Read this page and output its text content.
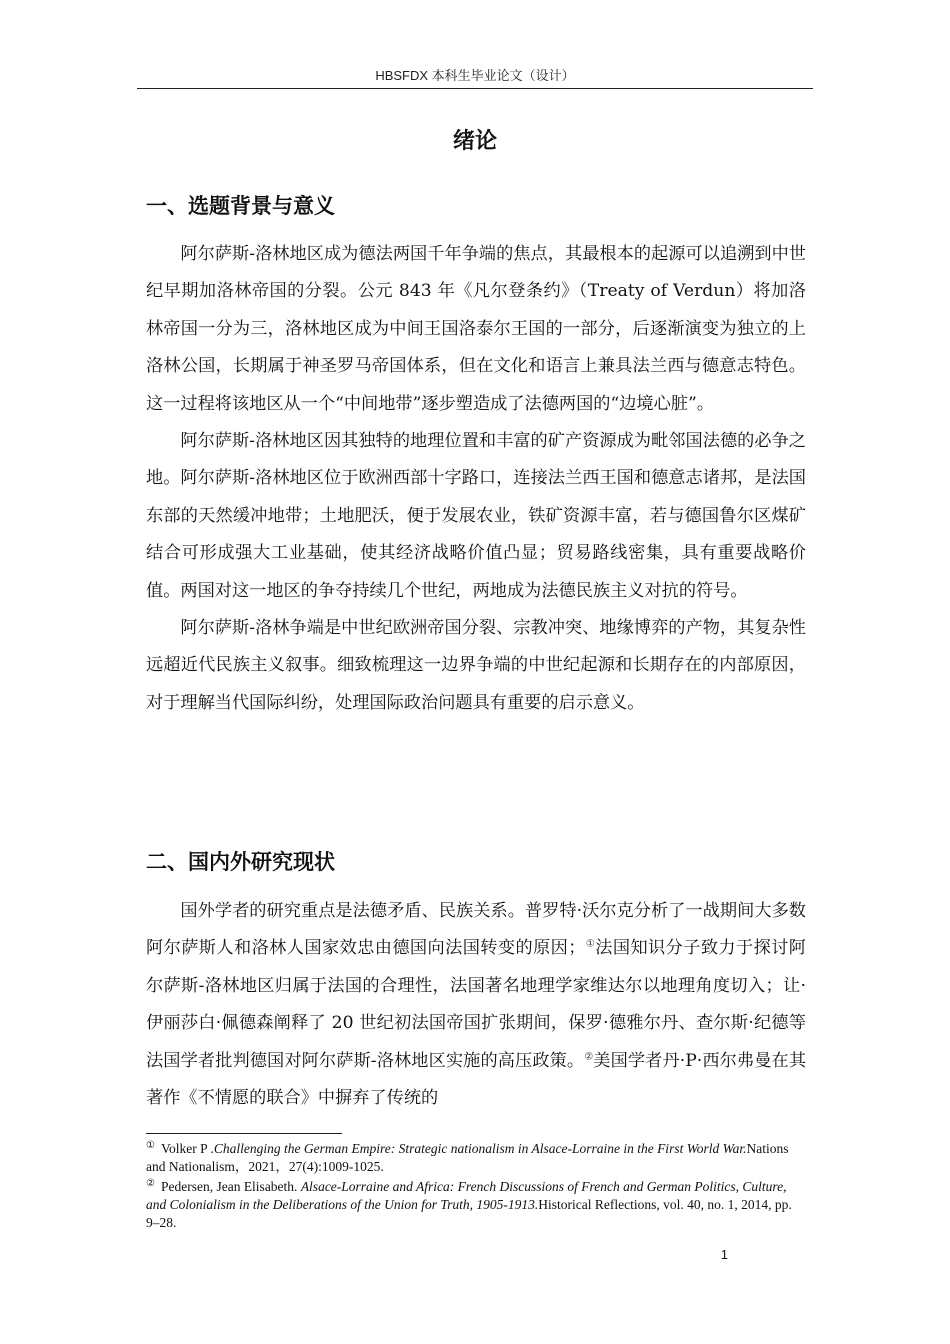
HBSFDX 本科生毕业论文（设计）
绪论
一、选题背景与意义

阿尔萨斯-洛林地区成为德法两国千年争端的焦点，其最根本的起源可以追溯到中世纪早期加洛林帝国的分裂。公元 843 年《凡尔登条约》（Treaty of Verdun）将加洛林帝国一分为三，洛林地区成为中间王国洛泰尔王国的一部分，后逐渐演变为独立的上洛林公国，长期属于神圣罗马帝国体系，但在文化和语言上兼具法兰西与德意志特色。这一过程将该地区从一个“中间地带”逐步塑造成了法德两国的“边境心脏”。

阿尔萨斯-洛林地区因其独特的地理位置和丰富的矿产资源成为毗邻国法德的必争之地。阿尔萨斯-洛林地区位于欧洲西部十字路口，连接法兰西王国和德意志诸邦，是法国东部的天然缓冲地带；土地肥沃，便于发展农业，铁矿资源丰富，若与德国鲁尔区煤矿结合可形成强大工业基础，使其经济战略价值凸显；贸易路线密集，具有重要战略价值。两国对这一地区的争夺持续几个世纪，两地成为法德民族主义对抗的符号。

阿尔萨斯-洛林争端是中世纪欧洲帝国分裂、宗教冲突、地缘博弈的产物，其复杂性远超近代民族主义叙事。细致梳理这一边界争端的中世纪起源和长期存在的内部原因，对于理解当代国际纠纷，处理国际政治问题具有重要的启示意义。

二、国内外研究现状

国外学者的研究重点是法德矛盾、民族关系。普罗特·沃尔克分析了一战期间大多数阿尔萨斯人和洛林人国家效忠由德国向法国转变的原因；①法国知识分子致力于探讨阿尔萨斯-洛林地区归属于法国的合理性，法国著名地理学家维达尔以地理角度切入；让·伊丽莎白·佩德森阐释了 20 世纪初法国帝国扩张期间，保罗·德雅尔丹、查尔斯·纪德等法国学者批判德国对阿尔萨斯-洛林地区实施的高压政策。②美国学者丹·P·西尔弗曼在其著作《不情愿的联合》中摒弃了传统的

① Volker P .Challenging the German Empire: Strategic nationalism in Alsace-Lorraine in the First World War.Nations and Nationalism，2021，27(4):1009-1025.
② Pedersen, Jean Elisabeth. Alsace-Lorraine and Africa: French Discussions of French and German Politics, Culture, and Colonialism in the Deliberations of the Union for Truth, 1905-1913.Historical Reflections, vol. 40, no. 1, 2014, pp. 9–28.
1
